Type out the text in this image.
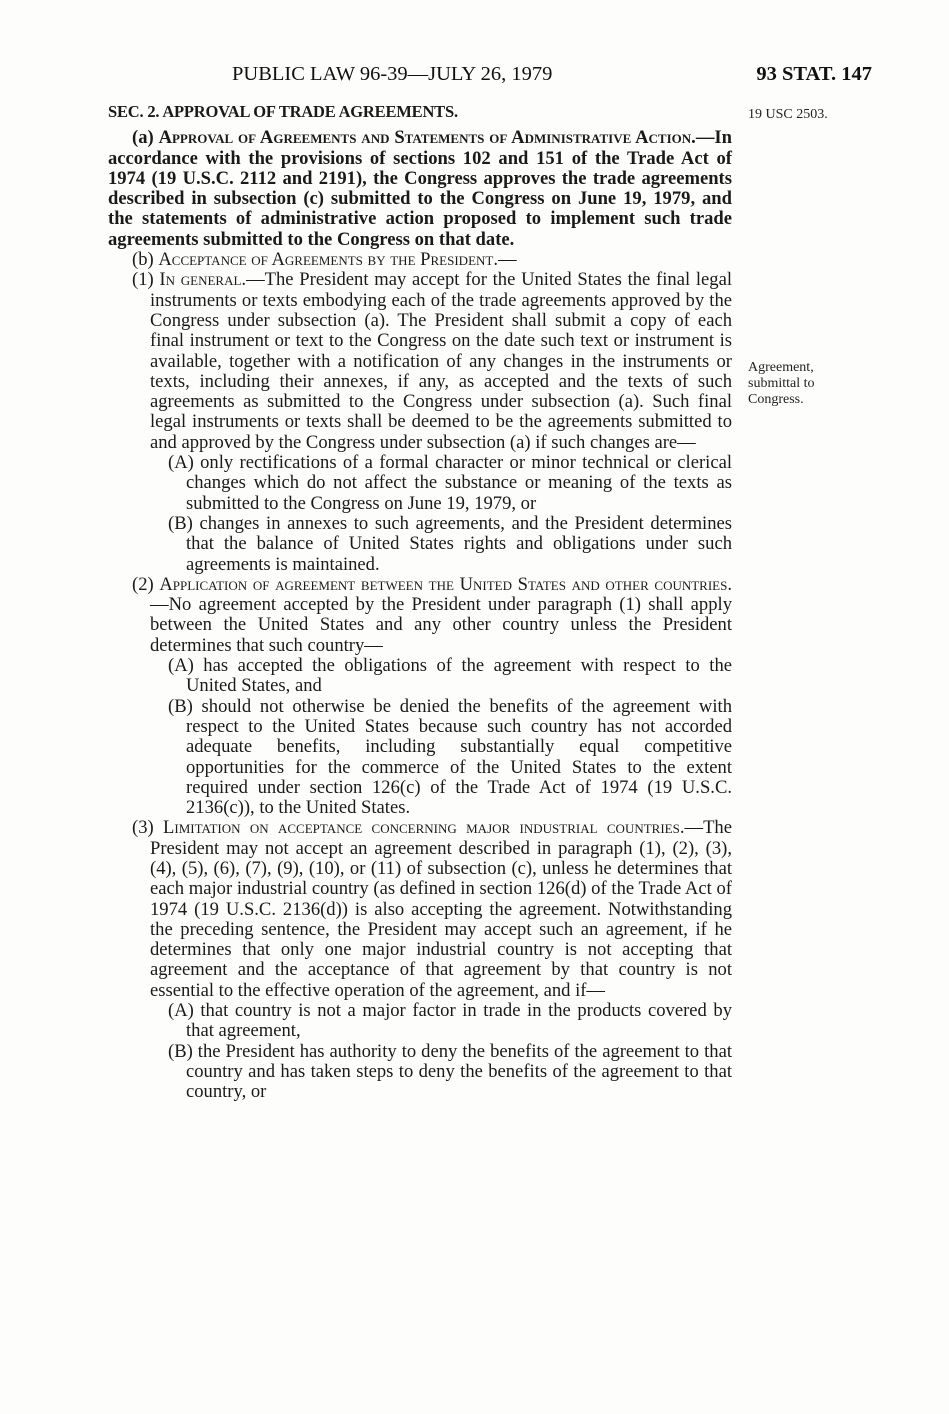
PUBLIC LAW 96-39—JULY 26, 1979	93 STAT. 147
19 USC 2503.
Agreement, submittal to Congress.

SEC. 2. APPROVAL OF TRADE AGREEMENTS.

(a) Approval of Agreements and Statements of Administrative Action.—In accordance with the provisions of sections 102 and 151 of the Trade Act of 1974 (19 U.S.C. 2112 and 2191), the Congress approves the trade agreements described in subsection (c) submitted to the Congress on June 19, 1979, and the statements of administrative action proposed to implement such trade agreements submitted to the Congress on that date.

(b) Acceptance of Agreements by the President.—

(1) In general.—The President may accept for the United States the final legal instruments or texts embodying each of the trade agreements approved by the Congress under subsection (a). The President shall submit a copy of each final instrument or text to the Congress on the date such text or instrument is available, together with a notification of any changes in the instruments or texts, including their annexes, if any, as accepted and the texts of such agreements as submitted to the Congress under subsection (a). Such final legal instruments or texts shall be deemed to be the agreements submitted to and approved by the Congress under subsection (a) if such changes are—

(A) only rectifications of a formal character or minor technical or clerical changes which do not affect the substance or meaning of the texts as submitted to the Congress on June 19, 1979, or

(B) changes in annexes to such agreements, and the President determines that the balance of United States rights and obligations under such agreements is maintained.

(2) Application of agreement between the United States and other countries.—No agreement accepted by the President under paragraph (1) shall apply between the United States and any other country unless the President determines that such country—

(A) has accepted the obligations of the agreement with respect to the United States, and

(B) should not otherwise be denied the benefits of the agreement with respect to the United States because such country has not accorded adequate benefits, including substantially equal competitive opportunities for the commerce of the United States to the extent required under section 126(c) of the Trade Act of 1974 (19 U.S.C. 2136(c)), to the United States.

(3) Limitation on acceptance concerning major industrial countries.—The President may not accept an agreement described in paragraph (1), (2), (3), (4), (5), (6), (7), (9), (10), or (11) of subsection (c), unless he determines that each major industrial country (as defined in section 126(d) of the Trade Act of 1974 (19 U.S.C. 2136(d)) is also accepting the agreement. Notwithstanding the preceding sentence, the President may accept such an agreement, if he determines that only one major industrial country is not accepting that agreement and the acceptance of that agreement by that country is not essential to the effective operation of the agreement, and if—

(A) that country is not a major factor in trade in the products covered by that agreement,

(B) the President has authority to deny the benefits of the agreement to that country and has taken steps to deny the benefits of the agreement to that country, or
